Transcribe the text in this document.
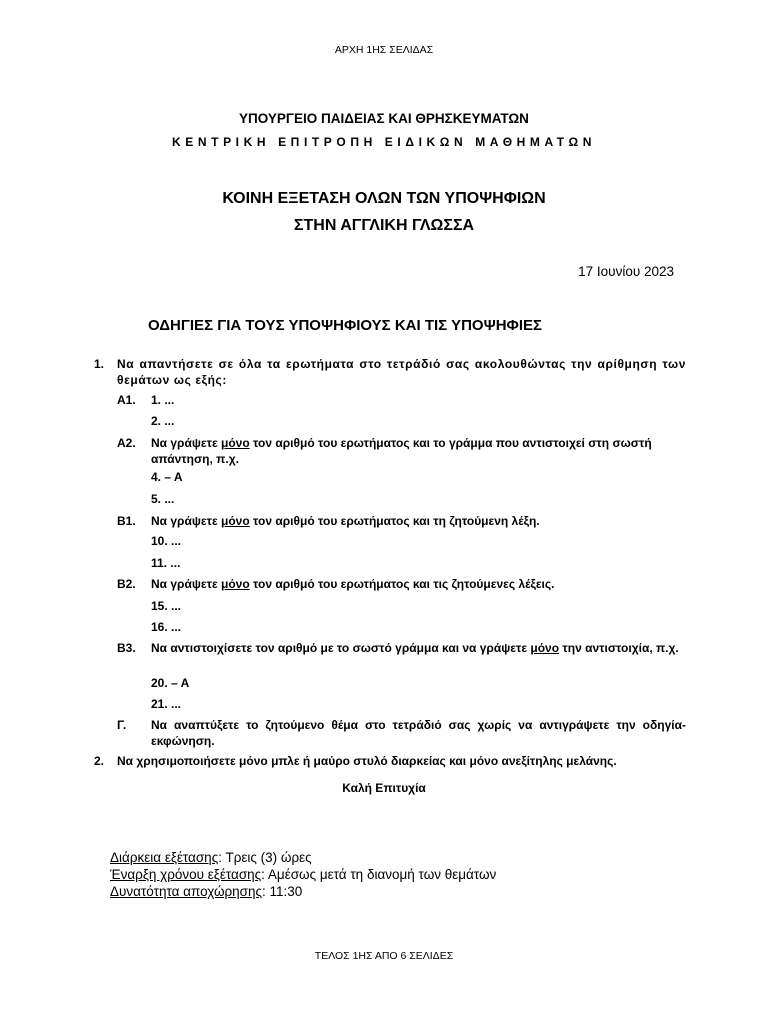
ΑΡΧΗ 1ΗΣ ΣΕΛΙΔΑΣ
ΥΠΟΥΡΓΕΙΟ ΠΑΙΔΕΙΑΣ ΚΑΙ ΘΡΗΣΚΕΥΜΑΤΩΝ
ΚΕΝΤΡΙΚΗ ΕΠΙΤΡΟΠΗ ΕΙΔΙΚΩΝ ΜΑΘΗΜΑΤΩΝ
ΚΟΙΝΗ ΕΞΕΤΑΣΗ ΟΛΩΝ ΤΩΝ ΥΠΟΨΗΦΙΩΝ
ΣΤΗΝ ΑΓΓΛΙΚΗ ΓΛΩΣΣΑ
17 Ιουνίου 2023
ΟΔΗΓΙΕΣ ΓΙΑ ΤΟΥΣ ΥΠΟΨΗΦΙΟΥΣ ΚΑΙ ΤΙΣ ΥΠΟΨΗΦΙΕΣ
1. Να απαντήσετε σε όλα τα ερωτήματα στο τετράδιό σας ακολουθώντας την αρίθμηση των θεμάτων ως εξής:
A1. 1. ...
2. ...
A2. Να γράψετε μόνο τον αριθμό του ερωτήματος και το γράμμα που αντιστοιχεί στη σωστή απάντηση, π.χ.
4. – A
5. ...
B1. Να γράψετε μόνο τον αριθμό του ερωτήματος και τη ζητούμενη λέξη.
10. ...
11. ...
B2. Να γράψετε μόνο τον αριθμό του ερωτήματος και τις ζητούμενες λέξεις.
15. ...
16. ...
B3. Να αντιστοιχίσετε τον αριθμό με το σωστό γράμμα και να γράψετε μόνο την αντιστοιχία, π.χ.
20. – A
21. ...
Γ. Να αναπτύξετε το ζητούμενο θέμα στο τετράδιό σας χωρίς να αντιγράψετε την οδηγία-εκφώνηση.
2. Να χρησιμοποιήσετε μόνο μπλε ή μαύρο στυλό διαρκείας και μόνο ανεξίτηλης μελάνης.
Καλή Επιτυχία
Διάρκεια εξέτασης: Τρεις (3) ώρες
Έναρξη χρόνου εξέτασης: Αμέσως μετά τη διανομή των θεμάτων
Δυνατότητα αποχώρησης: 11:30
ΤΕΛΟΣ 1ΗΣ ΑΠΟ 6 ΣΕΛΙΔΕΣ
